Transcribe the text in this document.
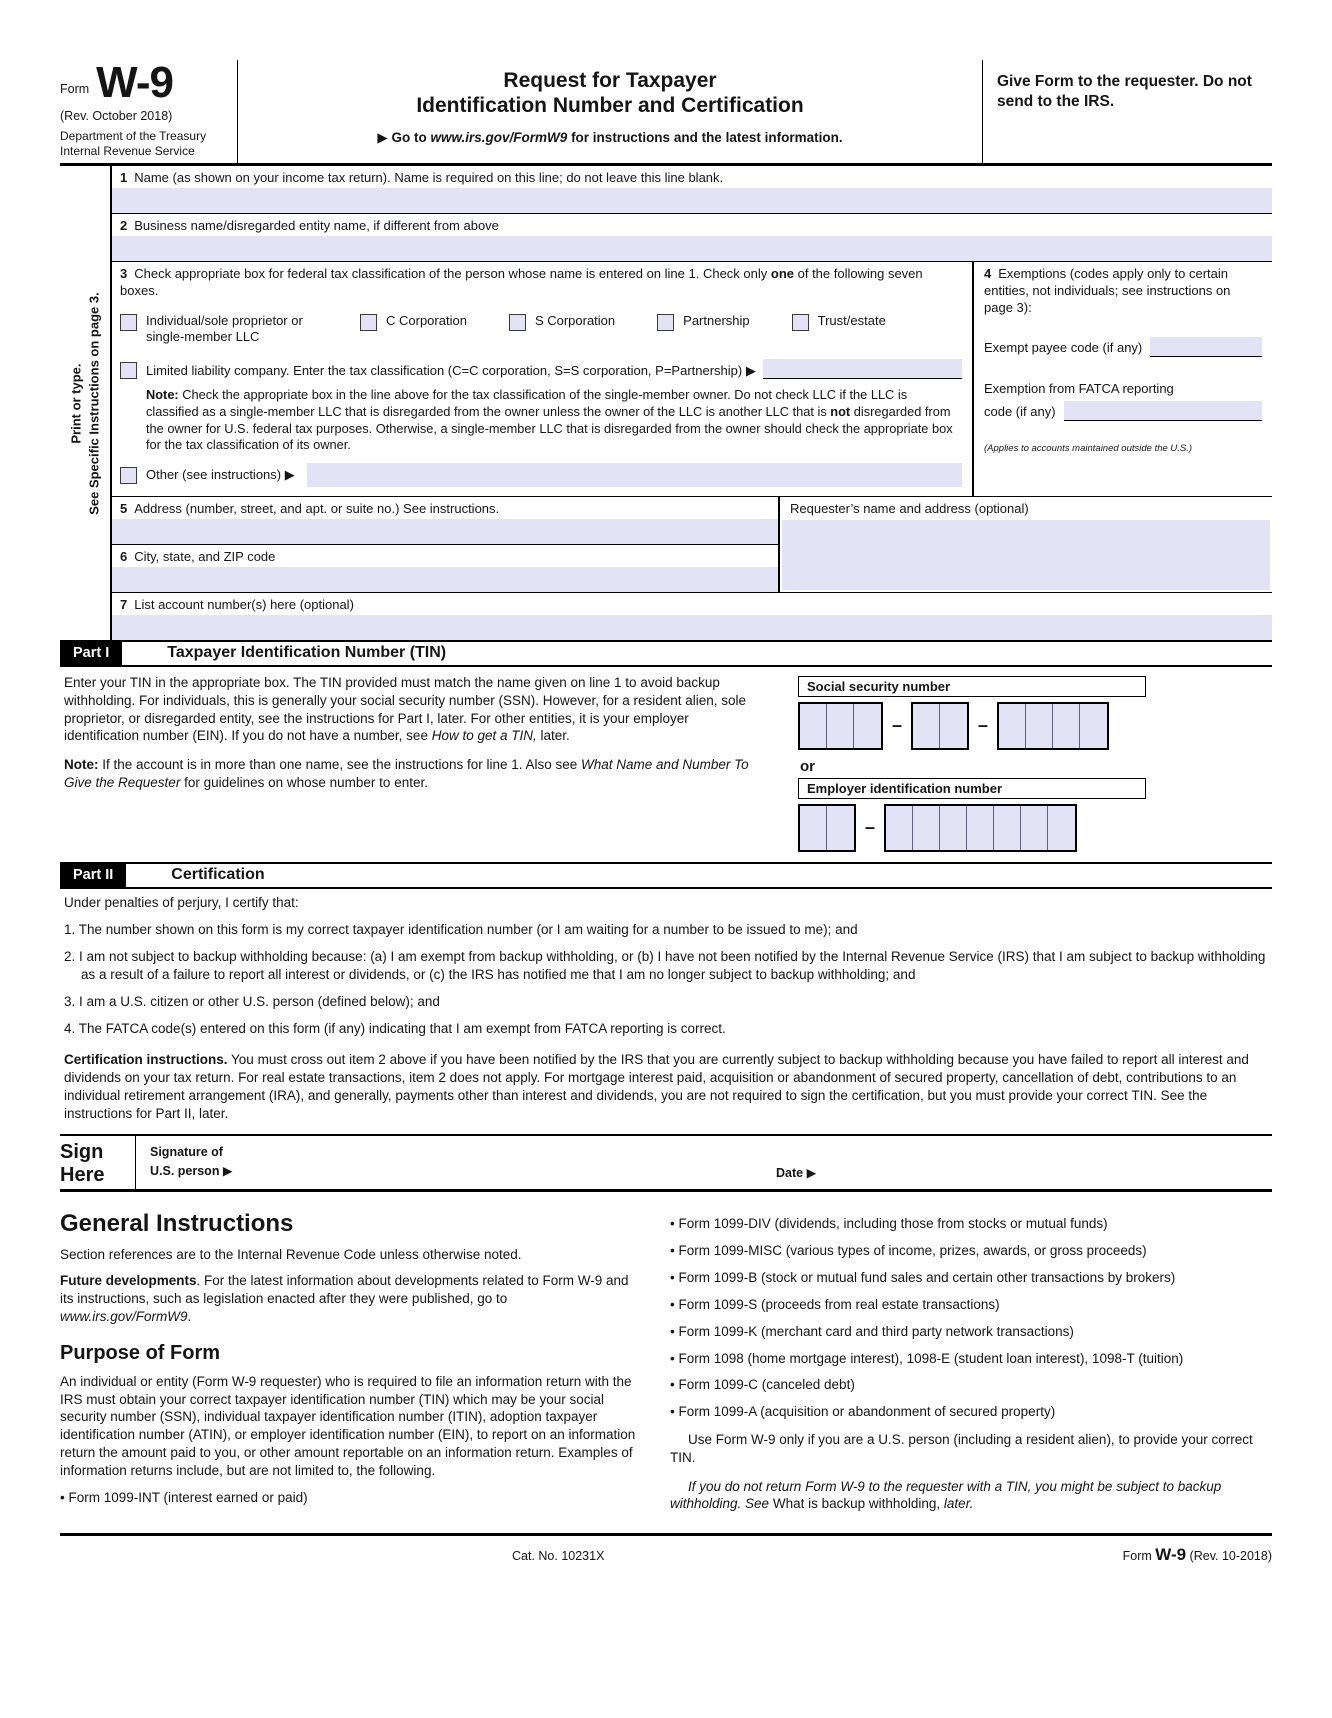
Form W-9
(Rev. October 2018)
Department of the Treasury
Internal Revenue Service
Request for Taxpayer
Identification Number and Certification
▶ Go to www.irs.gov/FormW9 for instructions and the latest information.
Give Form to the requester. Do not send to the IRS.
Print or type. See Specific Instructions on page 3.
1 Name (as shown on your income tax return). Name is required on this line; do not leave this line blank.
2 Business name/disregarded entity name, if different from above
3 Check appropriate box for federal tax classification of the person whose name is entered on line 1. Check only one of the following seven boxes.
Individual/sole proprietor or single-member LLC
C Corporation	S Corporation	Partnership	Trust/estate
Limited liability company. Enter the tax classification (C=C corporation, S=S corporation, P=Partnership) ▶
Note: Check the appropriate box in the line above for the tax classification of the single-member owner. Do not check LLC if the LLC is classified as a single-member LLC that is disregarded from the owner unless the owner of the LLC is another LLC that is not disregarded from the owner for U.S. federal tax purposes. Otherwise, a single-member LLC that is disregarded from the owner should check the appropriate box for the tax classification of its owner.
Other (see instructions) ▶
4 Exemptions (codes apply only to certain entities, not individuals; see instructions on page 3):
Exempt payee code (if any)
Exemption from FATCA reporting
code (if any)
(Applies to accounts maintained outside the U.S.)
5 Address (number, street, and apt. or suite no.) See instructions.
6 City, state, and ZIP code
Requester’s name and address (optional)
7 List account number(s) here (optional)
Part I	Taxpayer Identification Number (TIN)
Enter your TIN in the appropriate box. The TIN provided must match the name given on line 1 to avoid backup withholding. For individuals, this is generally your social security number (SSN). However, for a resident alien, sole proprietor, or disregarded entity, see the instructions for Part I, later. For other entities, it is your employer identification number (EIN). If you do not have a number, see How to get a TIN, later.
Note: If the account is in more than one name, see the instructions for line 1. Also see What Name and Number To Give the Requester for guidelines on whose number to enter.
Social security number
–	–
or
Employer identification number
–
Part II	Certification
Under penalties of perjury, I certify that:
1. The number shown on this form is my correct taxpayer identification number (or I am waiting for a number to be issued to me); and
2. I am not subject to backup withholding because: (a) I am exempt from backup withholding, or (b) I have not been notified by the Internal Revenue Service (IRS) that I am subject to backup withholding as a result of a failure to report all interest or dividends, or (c) the IRS has notified me that I am no longer subject to backup withholding; and
3. I am a U.S. citizen or other U.S. person (defined below); and
4. The FATCA code(s) entered on this form (if any) indicating that I am exempt from FATCA reporting is correct.
Certification instructions. You must cross out item 2 above if you have been notified by the IRS that you are currently subject to backup withholding because you have failed to report all interest and dividends on your tax return. For real estate transactions, item 2 does not apply. For mortgage interest paid, acquisition or abandonment of secured property, cancellation of debt, contributions to an individual retirement arrangement (IRA), and generally, payments other than interest and dividends, you are not required to sign the certification, but you must provide your correct TIN. See the instructions for Part II, later.
Sign
Here
Signature of
U.S. person ▶	Date ▶
General Instructions
Section references are to the Internal Revenue Code unless otherwise noted.
Future developments. For the latest information about developments related to Form W-9 and its instructions, such as legislation enacted after they were published, go to www.irs.gov/FormW9.
Purpose of Form
An individual or entity (Form W-9 requester) who is required to file an information return with the IRS must obtain your correct taxpayer identification number (TIN) which may be your social security number (SSN), individual taxpayer identification number (ITIN), adoption taxpayer identification number (ATIN), or employer identification number (EIN), to report on an information return the amount paid to you, or other amount reportable on an information return. Examples of information returns include, but are not limited to, the following.
• Form 1099-INT (interest earned or paid)
• Form 1099-DIV (dividends, including those from stocks or mutual funds)
• Form 1099-MISC (various types of income, prizes, awards, or gross proceeds)
• Form 1099-B (stock or mutual fund sales and certain other transactions by brokers)
• Form 1099-S (proceeds from real estate transactions)
• Form 1099-K (merchant card and third party network transactions)
• Form 1098 (home mortgage interest), 1098-E (student loan interest), 1098-T (tuition)
• Form 1099-C (canceled debt)
• Form 1099-A (acquisition or abandonment of secured property)
Use Form W-9 only if you are a U.S. person (including a resident alien), to provide your correct TIN.
If you do not return Form W-9 to the requester with a TIN, you might be subject to backup withholding. See What is backup withholding, later.
Cat. No. 10231X	Form W-9 (Rev. 10-2018)
